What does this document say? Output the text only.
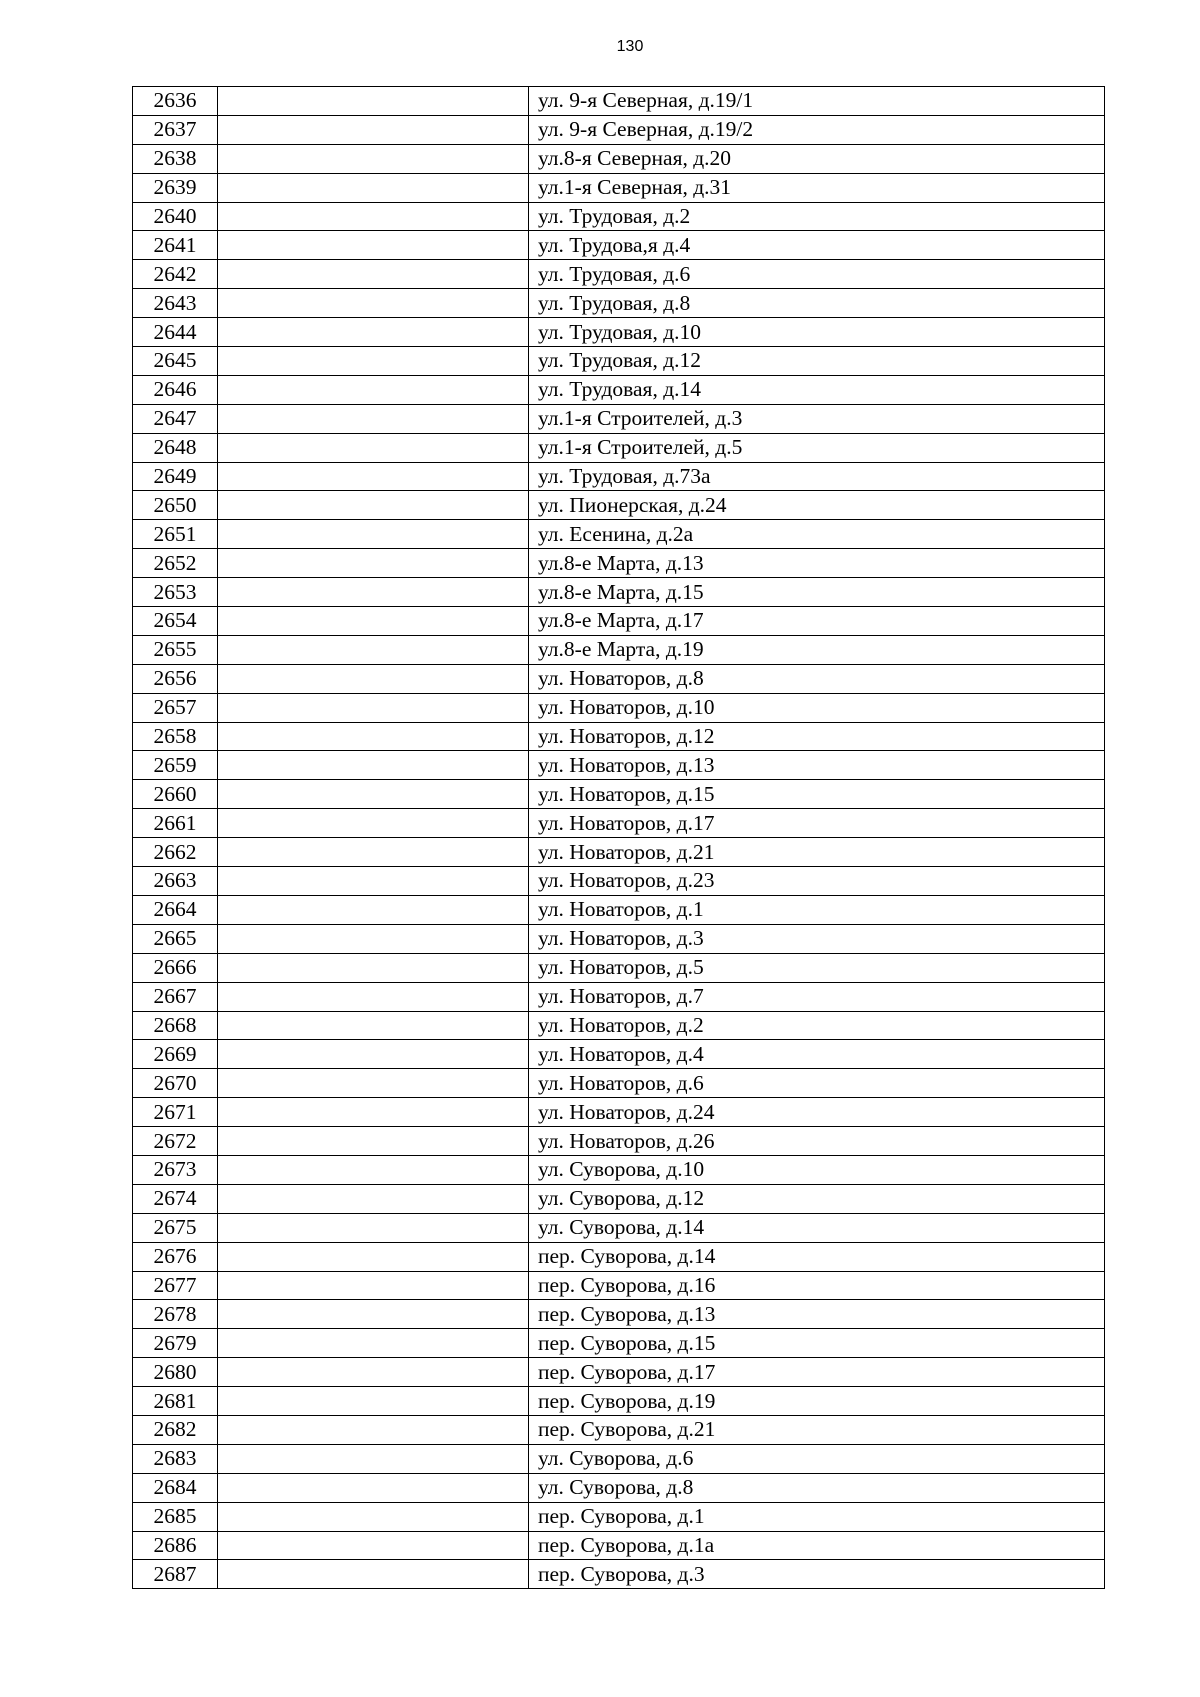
130
2636		ул. 9-я Северная, д.19/1
2637		ул. 9-я Северная, д.19/2
2638		ул.8-я Северная, д.20
2639		ул.1-я Северная, д.31
2640		ул. Трудовая, д.2
2641		ул. Трудова,я д.4
2642		ул. Трудовая, д.6
2643		ул. Трудовая, д.8
2644		ул. Трудовая, д.10
2645		ул. Трудовая, д.12
2646		ул. Трудовая, д.14
2647		ул.1-я Строителей, д.3
2648		ул.1-я Строителей, д.5
2649		ул. Трудовая, д.73а
2650		ул. Пионерская, д.24
2651		ул. Есенина, д.2а
2652		ул.8-е Марта, д.13
2653		ул.8-е Марта, д.15
2654		ул.8-е Марта, д.17
2655		ул.8-е Марта, д.19
2656		ул. Новаторов, д.8
2657		ул. Новаторов, д.10
2658		ул. Новаторов, д.12
2659		ул. Новаторов, д.13
2660		ул. Новаторов, д.15
2661		ул. Новаторов, д.17
2662		ул. Новаторов, д.21
2663		ул. Новаторов, д.23
2664		ул. Новаторов, д.1
2665		ул. Новаторов, д.3
2666		ул. Новаторов, д.5
2667		ул. Новаторов, д.7
2668		ул. Новаторов, д.2
2669		ул. Новаторов, д.4
2670		ул. Новаторов, д.6
2671		ул. Новаторов, д.24
2672		ул. Новаторов, д.26
2673		ул. Суворова, д.10
2674		ул. Суворова, д.12
2675		ул. Суворова, д.14
2676		пер. Суворова, д.14
2677		пер. Суворова, д.16
2678		пер. Суворова, д.13
2679		пер. Суворова, д.15
2680		пер. Суворова, д.17
2681		пер. Суворова, д.19
2682		пер. Суворова, д.21
2683		ул. Суворова, д.6
2684		ул. Суворова, д.8
2685		пер. Суворова, д.1
2686		пер. Суворова, д.1а
2687		пер. Суворова, д.3
